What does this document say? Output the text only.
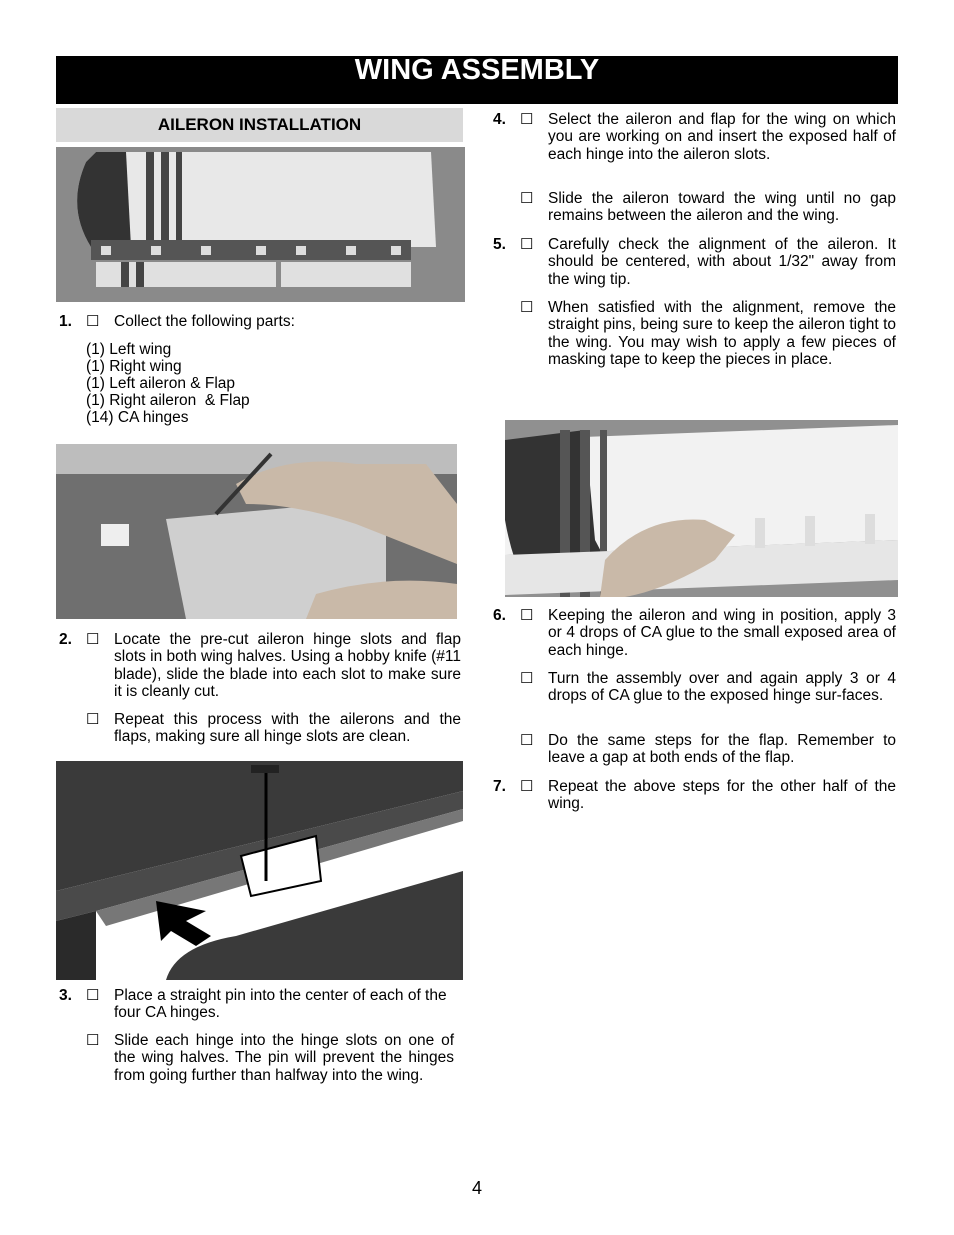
WING ASSEMBLY
AILERON INSTALLATION
1. ☐ Collect the following parts:
(1) Left wing
(1) Right wing
(1) Left aileron & Flap
(1) Right aileron  & Flap
(14) CA hinges
2. ☐ Locate the pre-cut aileron hinge slots and flap slots in both wing halves. Using a hobby knife (#11 blade), slide the blade into each slot to make sure it is cleanly cut.
☐ Repeat this process with the ailerons and the flaps, making sure all hinge slots are clean.
3. ☐ Place a straight pin into the center of each of the four CA hinges.
☐ Slide each hinge into the hinge slots on one of the wing halves. The pin will prevent the hinges from going further than halfway into the wing.
4. ☐ Select the aileron and flap for the wing on which you are working on and insert the exposed half of each hinge into the aileron slots.
☐ Slide the aileron toward the wing until no gap remains between the aileron and the wing.
5. ☐ Carefully check the alignment of the aileron. It should be centered, with about 1/32" away from the wing tip.
☐ When satisfied with the alignment, remove the straight pins, being sure to keep the aileron tight to the wing. You may wish to apply a few pieces of masking tape to keep the pieces in place.
6. ☐ Keeping the aileron and wing in position, apply 3 or 4 drops of CA glue to the small exposed area of each hinge.
☐ Turn the assembly over and again apply 3 or 4 drops of CA glue to the exposed hinge sur-faces.
☐ Do the same steps for the flap. Remember to leave a gap at both ends of the flap.
7. ☐ Repeat the above steps for the other half of the wing.
4
